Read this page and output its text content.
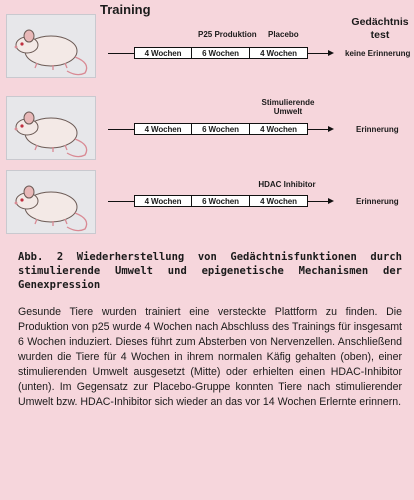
Training
Gedächtnis test
P25 Produktion Placebo
4 Wochen	6 Wochen	4 Wochen	keine Erinnerung
Stimulierende Umwelt
4 Wochen	6 Wochen	4 Wochen	Erinnerung
HDAC Inhibitor
4 Wochen	6 Wochen	4 Wochen	Erinnerung
Abb. 2 Wiederherstellung von Gedächtnisfunktionen durch stimulierende Umwelt und epigenetische Mechanismen der Genexpression

Gesunde Tiere wurden trainiert eine versteckte Plattform zu finden. Die Produktion von p25 wurde 4 Wochen nach Abschluss des Trainings für insgesamt 6 Wochen induziert. Dieses führt zum Absterben von Nervenzellen. Anschließend wurden die Tiere für 4 Wochen in ihrem normalen Käfig gehalten (oben), einer stimulierenden Umwelt ausgesetzt (Mitte) oder erhielten einen HDAC-Inhibitor (unten). Im Gegensatz zur Placebo-Gruppe konnten Tiere nach stimulierender Umwelt bzw. HDAC-Inhibitor sich wieder an das vor 14 Wochen Erlernte erinnern.
